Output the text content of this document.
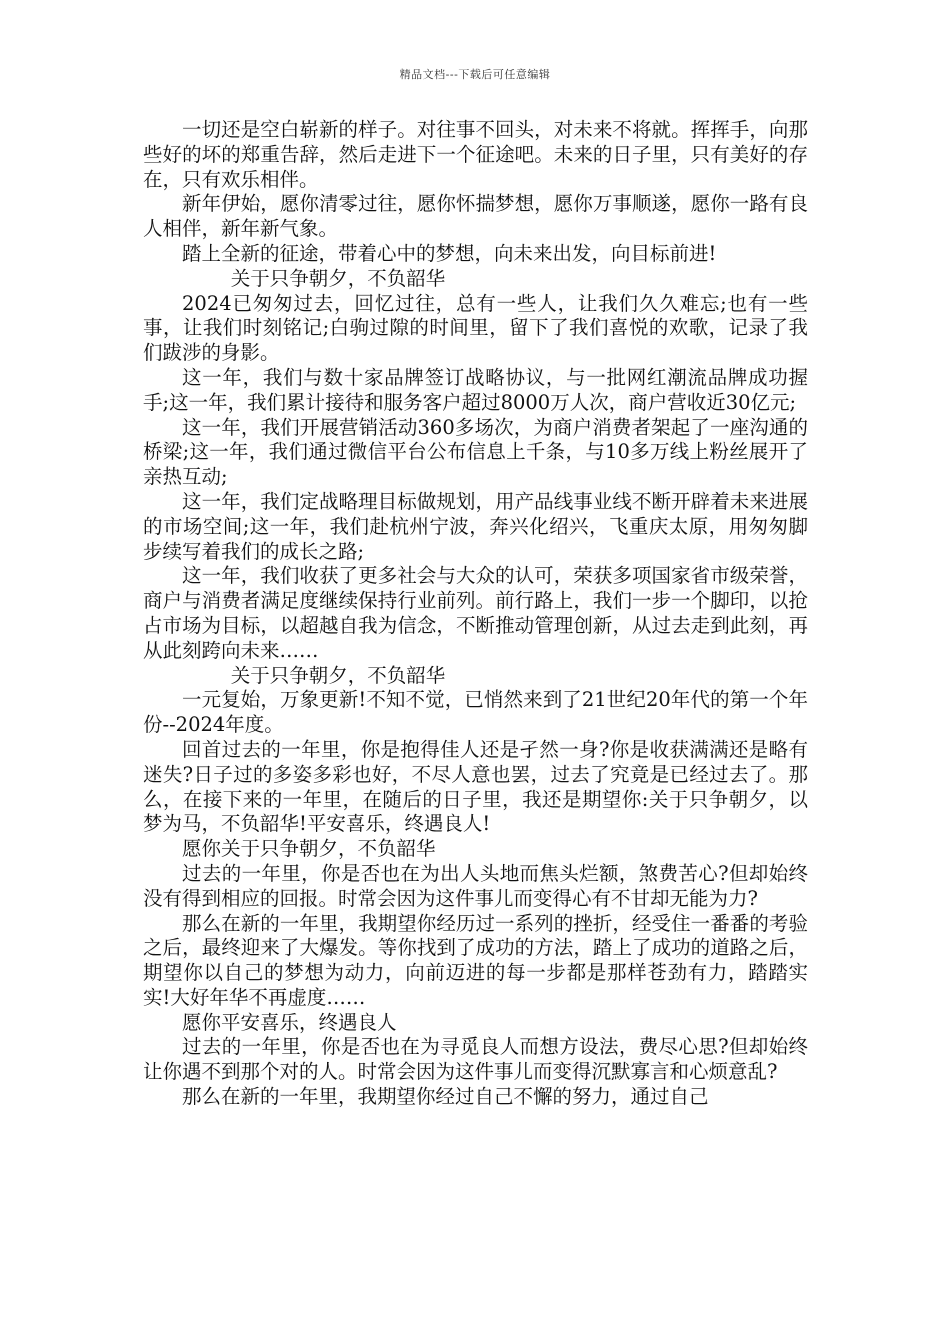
精品文档---下载后可任意编辑

一切还是空白崭新的样子。对往事不回头，对未来不将就。挥挥手，向那些好的坏的郑重告辞，然后走进下一个征途吧。未来的日子里，只有美好的存在，只有欢乐相伴。

新年伊始，愿你清零过往，愿你怀揣梦想，愿你万事顺遂，愿你一路有良人相伴，新年新气象。

踏上全新的征途，带着心中的梦想，向未来出发，向目标前进!

关于只争朝夕，不负韶华

2024已匆匆过去，回忆过往，总有一些人，让我们久久难忘;也有一些事，让我们时刻铭记;白驹过隙的时间里，留下了我们喜悦的欢歌，记录了我们跋涉的身影。

这一年，我们与数十家品牌签订战略协议，与一批网红潮流品牌成功握手;这一年，我们累计接待和服务客户超过8000万人次，商户营收近30亿元;

这一年，我们开展营销活动360多场次，为商户消费者架起了一座沟通的桥梁;这一年，我们通过微信平台公布信息上千条，与10多万线上粉丝展开了亲热互动;

这一年，我们定战略理目标做规划，用产品线事业线不断开辟着未来进展的市场空间;这一年，我们赴杭州宁波，奔兴化绍兴，飞重庆太原，用匆匆脚步续写着我们的成长之路;

这一年，我们收获了更多社会与大众的认可，荣获多项国家省市级荣誉，商户与消费者满足度继续保持行业前列。前行路上，我们一步一个脚印，以抢占市场为目标，以超越自我为信念，不断推动管理创新，从过去走到此刻，再从此刻跨向未来……

关于只争朝夕，不负韶华

一元复始，万象更新!不知不觉，已悄然来到了21世纪20年代的第一个年份--2024年度。

回首过去的一年里，你是抱得佳人还是孑然一身?你是收获满满还是略有迷失?日子过的多姿多彩也好，不尽人意也罢，过去了究竟是已经过去了。那么，在接下来的一年里，在随后的日子里，我还是期望你:关于只争朝夕，以梦为马，不负韶华!平安喜乐，终遇良人!

愿你关于只争朝夕，不负韶华

过去的一年里，你是否也在为出人头地而焦头烂额，煞费苦心?但却始终没有得到相应的回报。时常会因为这件事儿而变得心有不甘却无能为力?

那么在新的一年里，我期望你经历过一系列的挫折，经受住一番番的考验之后，最终迎来了大爆发。等你找到了成功的方法，踏上了成功的道路之后，期望你以自己的梦想为动力，向前迈进的每一步都是那样苍劲有力，踏踏实实!大好年华不再虚度……

愿你平安喜乐，终遇良人

过去的一年里，你是否也在为寻觅良人而想方设法，费尽心思?但却始终让你遇不到那个对的人。时常会因为这件事儿而变得沉默寡言和心烦意乱?

那么在新的一年里，我期望你经过自己不懈的努力，通过自己
